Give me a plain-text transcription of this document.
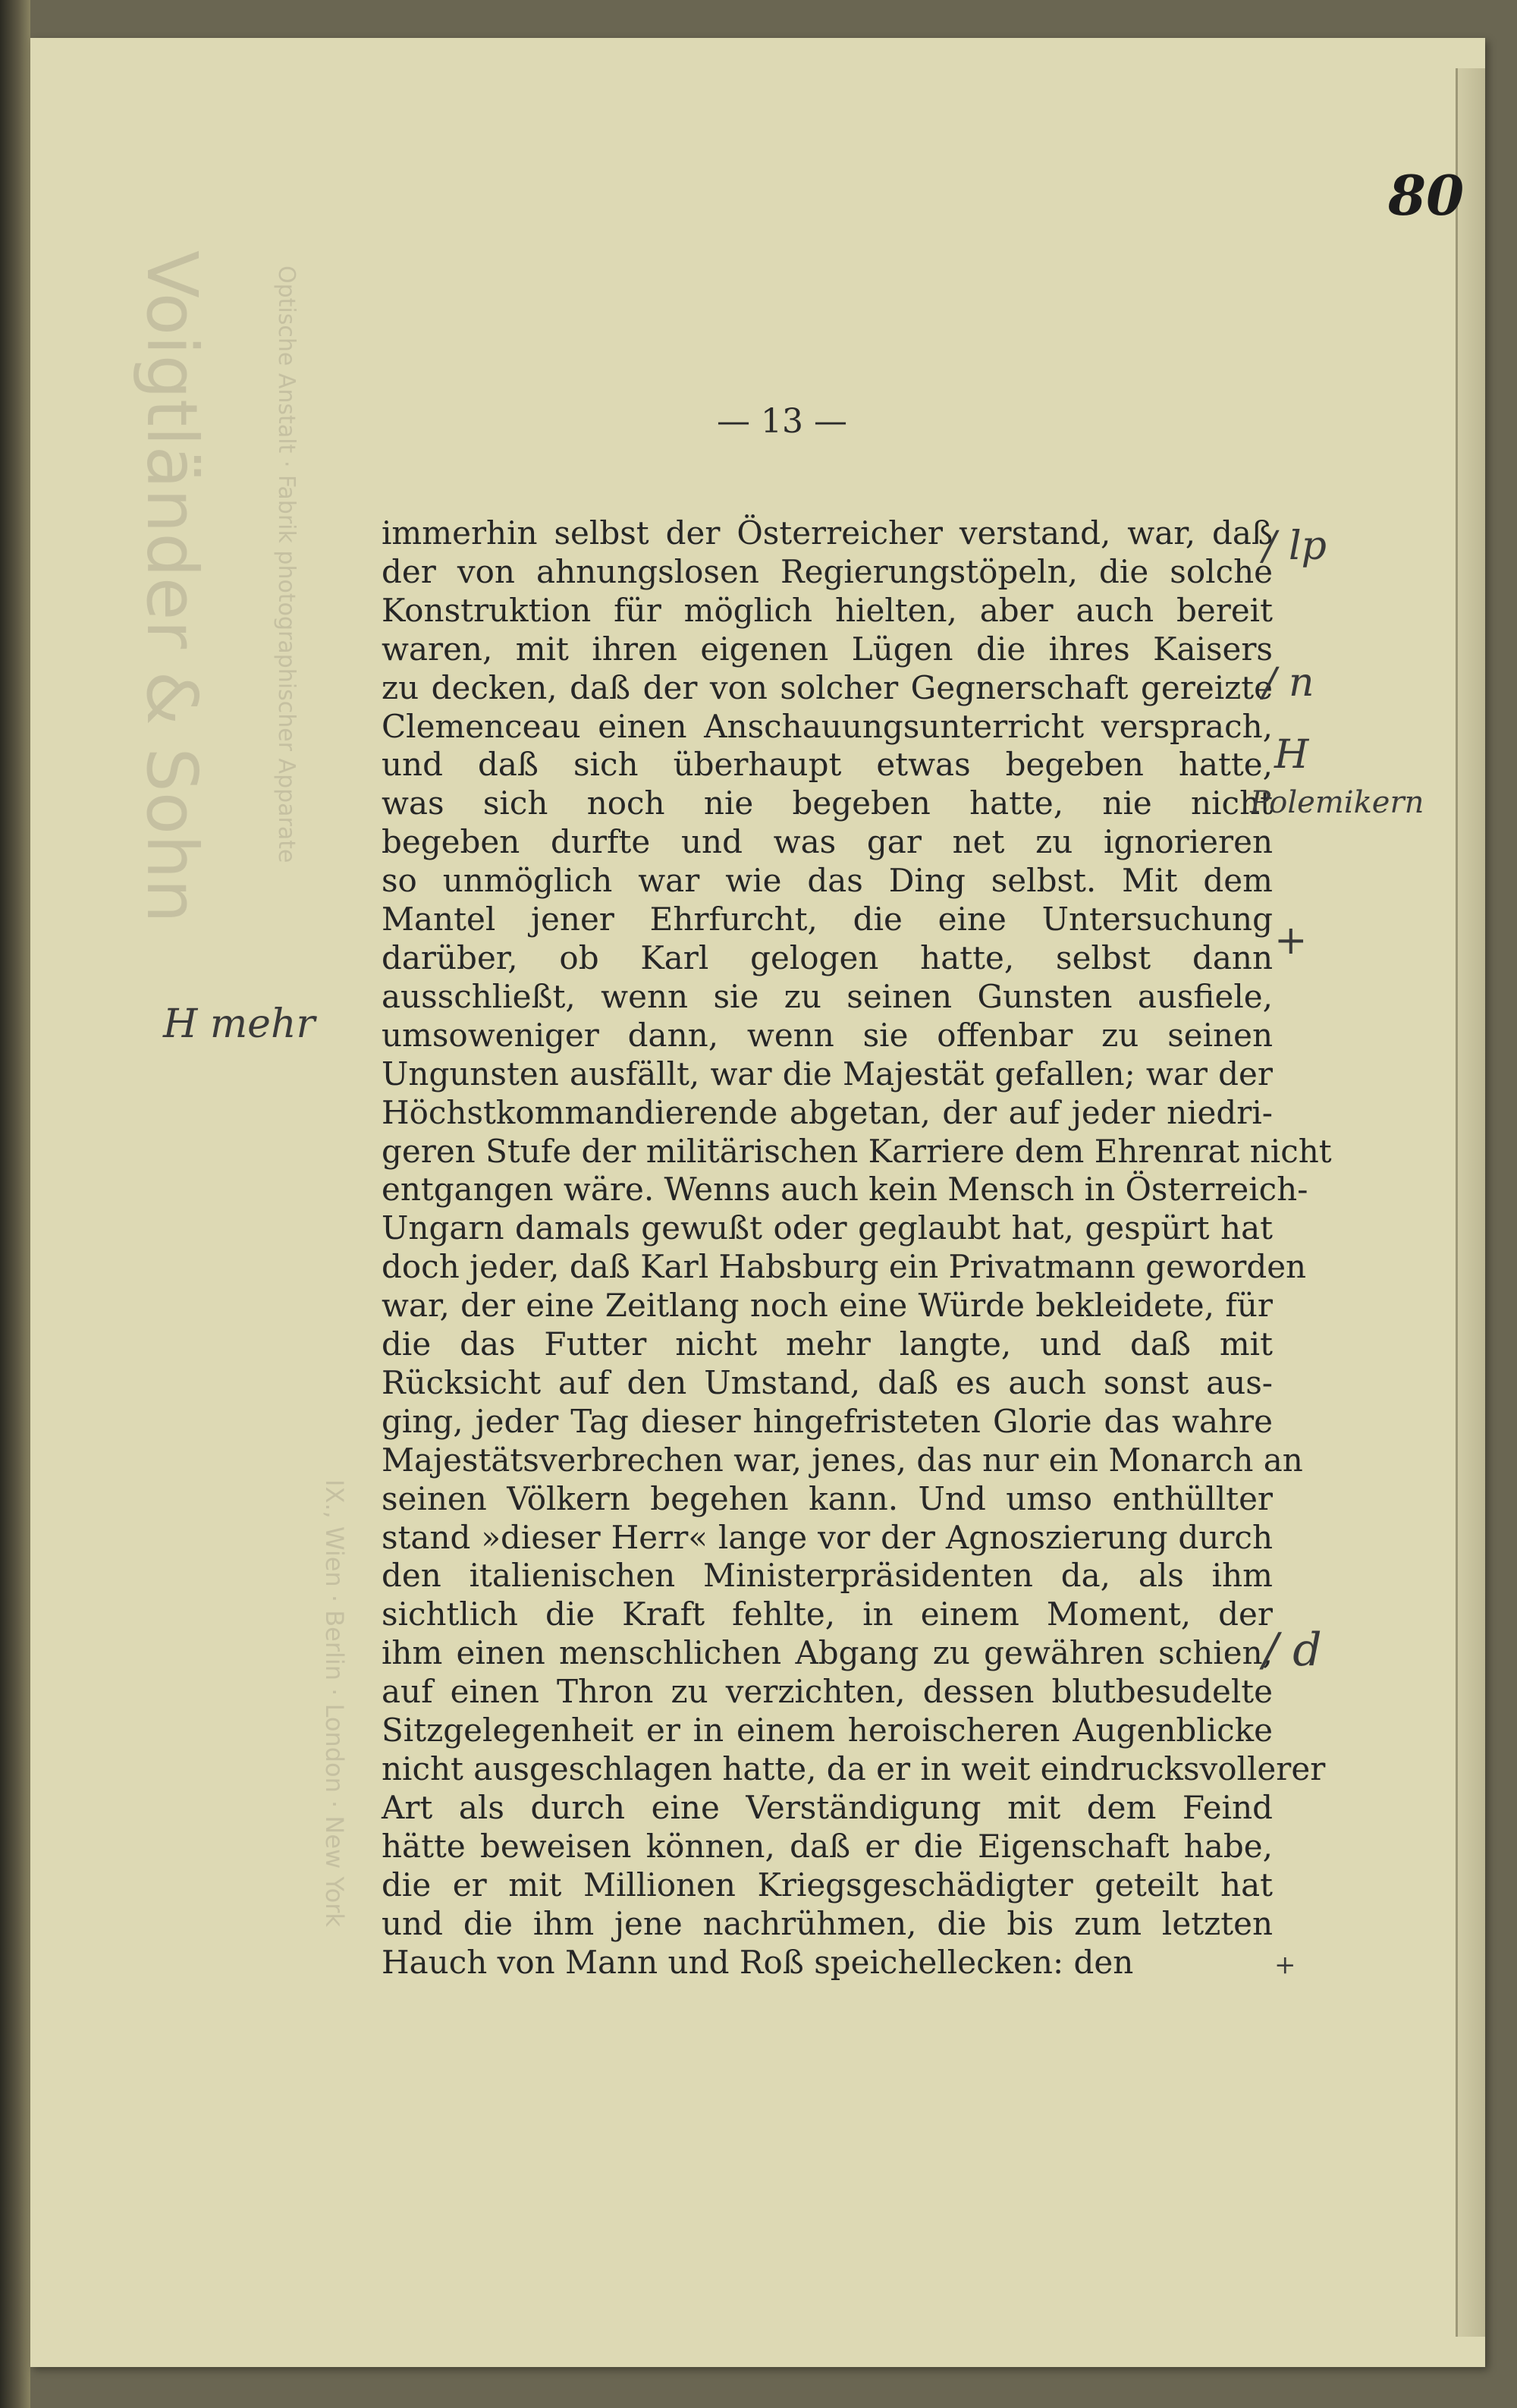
Voigtländer & Sohn	Optische Anstalt · Fabrik photographischer Apparate
IX., Wien · Berlin · London · New York
80
— 13 —
immerhin selbst der Österreicher verstand, war, daß
der von ahnungslosen Regierungstöpeln, die solche
Konstruktion für möglich hielten, aber auch bereit
waren, mit ihren eigenen Lügen die ihres Kaisers
zu decken, daß der von solcher Gegnerschaft gereizte
Clemenceau einen Anschauungsunterricht versprach,
und daß sich überhaupt etwas begeben hatte,
was sich noch nie begeben hatte, nie nicht
begeben durfte und was gar net zu ignorieren
so unmöglich war wie das Ding selbst. Mit dem
Mantel jener Ehrfurcht, die eine Untersuchung
darüber, ob Karl gelogen hatte, selbst dann
ausschließt, wenn sie zu seinen Gunsten ausfiele,
umsoweniger dann, wenn sie offenbar zu seinen
Ungunsten ausfällt, war die Majestät gefallen; war der
Höchstkommandierende abgetan, der auf jeder niedri-
geren Stufe der militärischen Karriere dem Ehrenrat nicht
entgangen wäre. Wenns auch kein Mensch in Österreich-
Ungarn damals gewußt oder geglaubt hat, gespürt hat
doch jeder, daß Karl Habsburg ein Privatmann geworden
war, der eine Zeitlang noch eine Würde bekleidete, für
die das Futter nicht mehr langte, und daß mit
Rücksicht auf den Umstand, daß es auch sonst aus-
ging, jeder Tag dieser hingefristeten Glorie das wahre
Majestätsverbrechen war, jenes, das nur ein Monarch an
seinen Völkern begehen kann. Und umso enthüllter
stand »dieser Herr« lange vor der Agnoszierung durch
den italienischen Ministerpräsidenten da, als ihm
sichtlich die Kraft fehlte, in einem Moment, der
ihm einen menschlichen Abgang zu gewähren schien,
auf einen Thron zu verzichten, dessen blutbesudelte
Sitzgelegenheit er in einem heroischeren Augenblicke
nicht ausgeschlagen hatte, da er in weit eindrucksvollerer
Art als durch eine Verständigung mit dem Feind
hätte beweisen können, daß er die Eigenschaft habe,
die er mit Millionen Kriegsgeschädigter geteilt hat
und die ihm jene nachrühmen, die bis zum letzten
Hauch von Mann und Roß speichellecken: den
/ lp
/ n
H
Polemikern
+
H mehr
/ d
+
